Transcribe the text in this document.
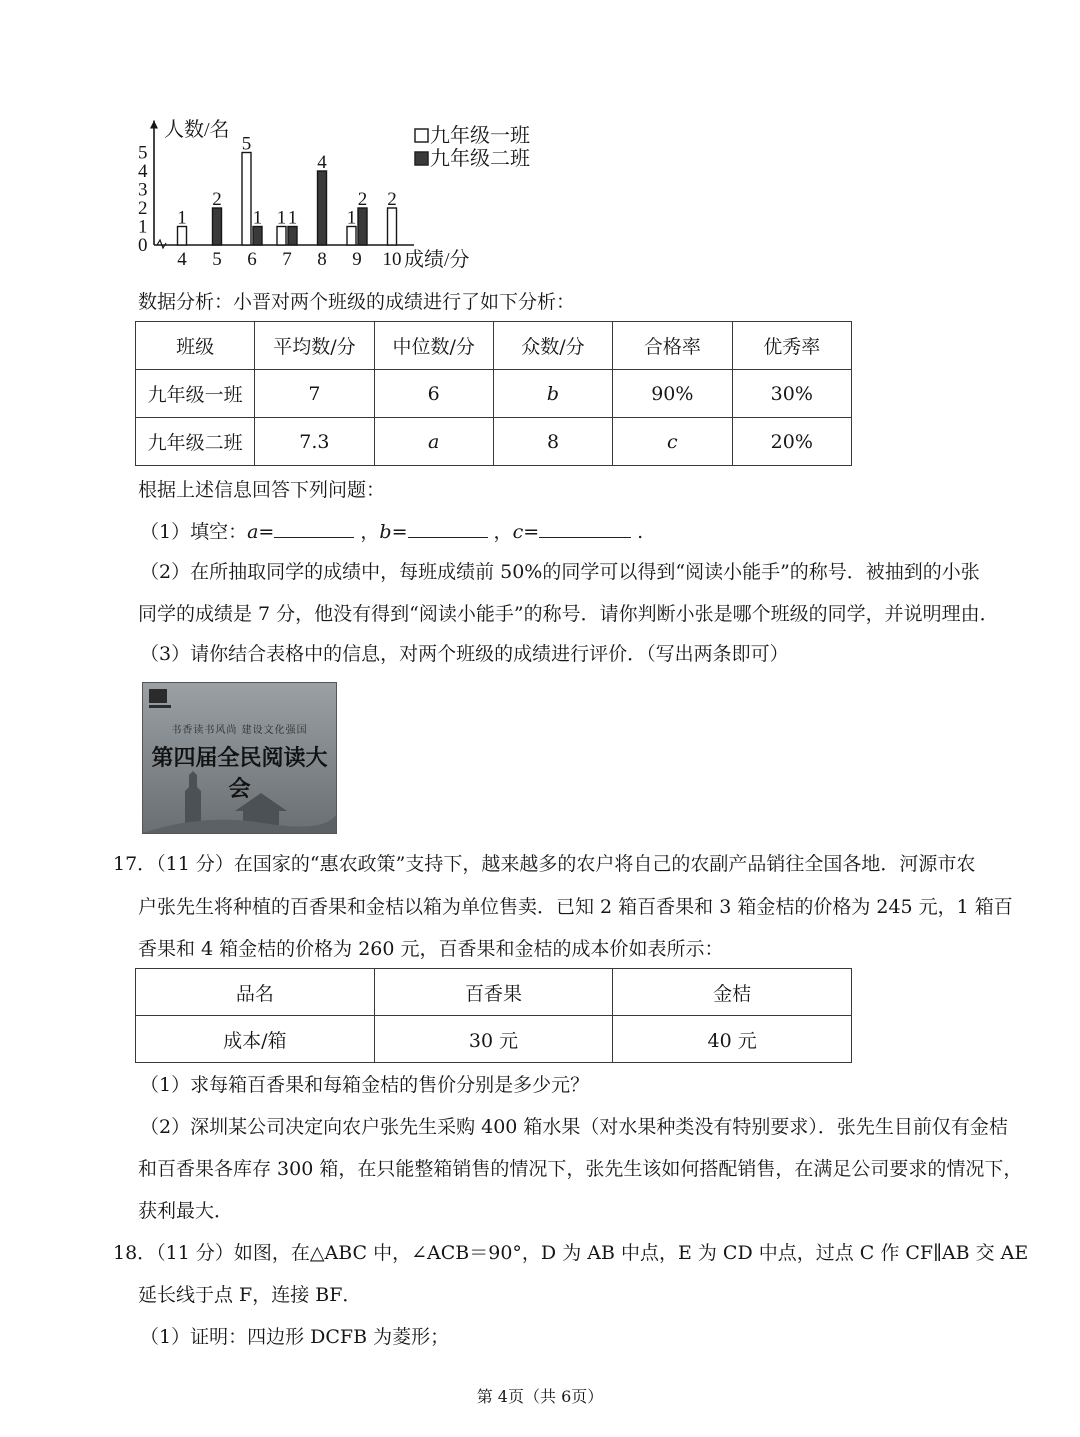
0
1
2
3
4
5
4 5 6 7 8 9 10
1
2
5
1 1 1
4
1
2 2
人数/名
成绩/分
九年级一班
九年级二班
数据分析：小晋对两个班级的成绩进行了如下分析：
班级	平均数/分	中位数/分	众数/分	合格率	优秀率
九年级一班	7	6	b	90%	30%
九年级二班	7.3	a	8	c	20%
根据上述信息回答下列问题：
（1）填空：a=	，b=	，c=	.
（2）在所抽取同学的成绩中，每班成绩前 50%的同学可以得到“阅读小能手”的称号．被抽到的小张
同学的成绩是 7 分，他没有得到“阅读小能手”的称号．请你判断小张是哪个班级的同学，并说明理由．
（3）请你结合表格中的信息，对两个班级的成绩进行评价．（写出两条即可）
书香读书风尚 建设文化强国
第四届全民阅读大会
17．（11 分）在国家的“惠农政策”支持下，越来越多的农户将自己的农副产品销往全国各地．河源市农
户张先生将种植的百香果和金桔以箱为单位售卖．已知 2 箱百香果和 3 箱金桔的价格为 245 元，1 箱百
香果和 4 箱金桔的价格为 260 元，百香果和金桔的成本价如表所示：
品名	百香果	金桔
成本/箱	30 元	40 元
（1）求每箱百香果和每箱金桔的售价分别是多少元？
（2）深圳某公司决定向农户张先生采购 400 箱水果（对水果种类没有特别要求）．张先生目前仅有金桔
和百香果各库存 300 箱，在只能整箱销售的情况下，张先生该如何搭配销售，在满足公司要求的情况下，
获利最大．
18．（11 分）如图，在△ABC 中，∠ACB＝90°，D 为 AB 中点，E 为 CD 中点，过点 C 作 CF∥AB 交 AE
延长线于点 F，连接 BF．
（1）证明：四边形 DCFB 为菱形；
第 4页（共 6页）
